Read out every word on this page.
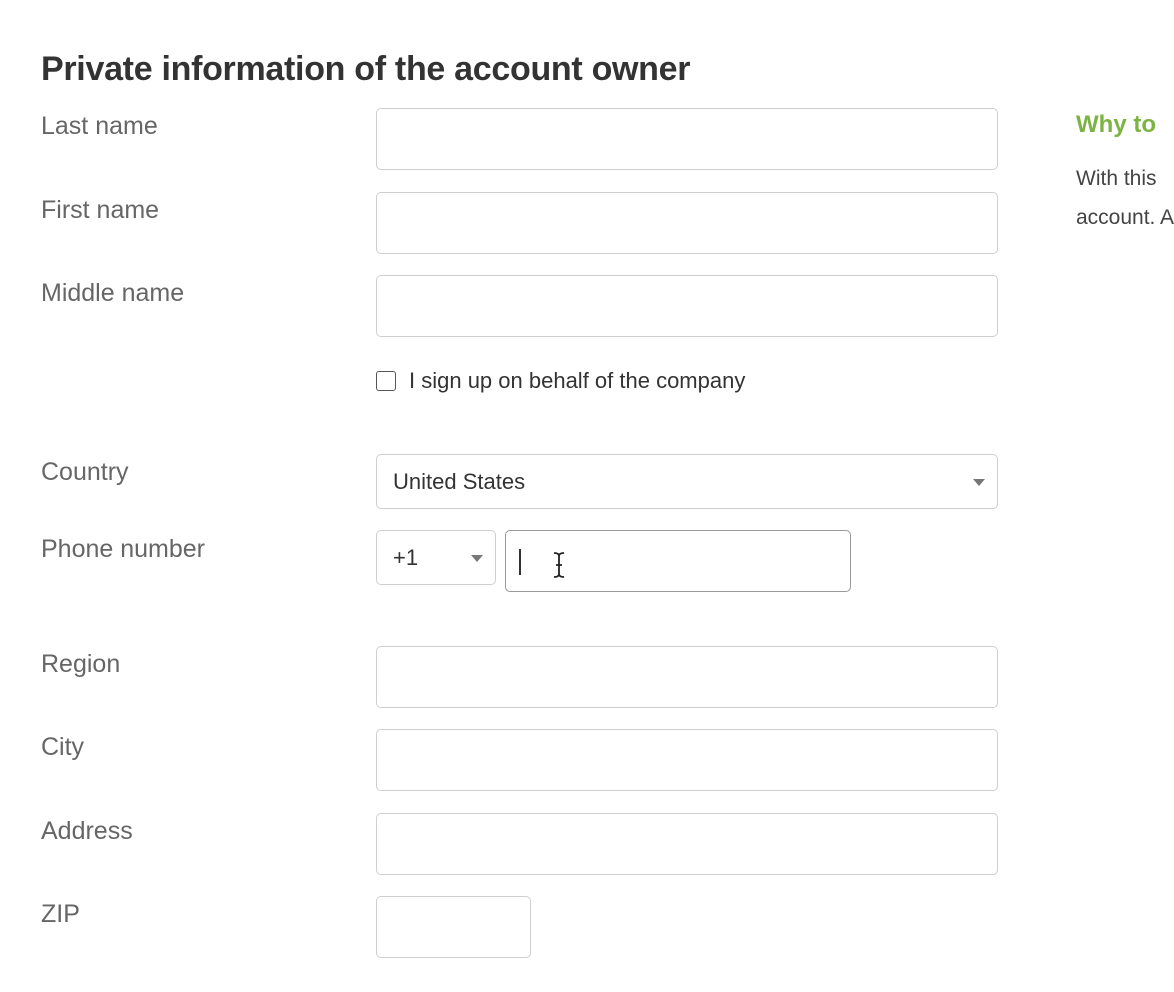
Private information of the account owner
Last name
First name
Middle name
I sign up on behalf of the company
Country	United States
Phone number	+1
Region
City
Address
ZIP
Why to
With this
account. A
